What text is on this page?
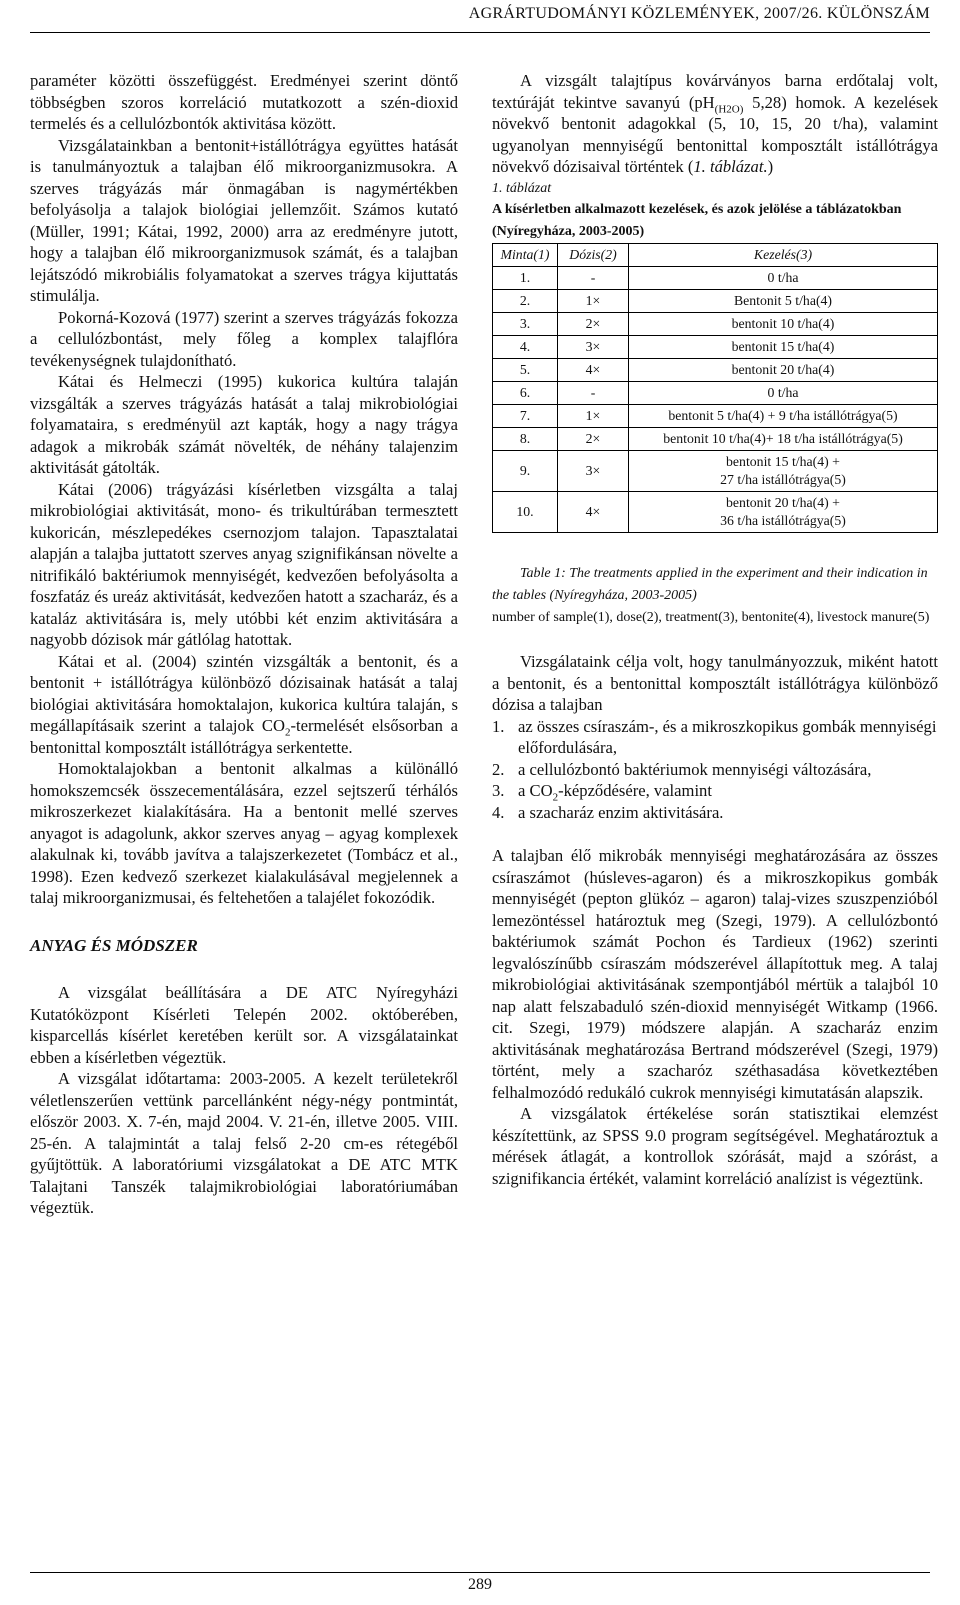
AGRÁRTUDOMÁNYI KÖZLEMÉNYEK, 2007/26. KÜLÖNSZÁM

paraméter közötti összefüggést. Eredményei szerint döntő többségben szoros korreláció mutatkozott a szén-dioxid termelés és a cellulózbontók aktivitása között.

Vizsgálatainkban a bentonit+istállótrágya együttes hatását is tanulmányoztuk a talajban élő mikroorganizmusokra. A szerves trágyázás már önmagában is nagymértékben befolyásolja a talajok biológiai jellemzőit. Számos kutató (Müller, 1991; Kátai, 1992, 2000) arra az eredményre jutott, hogy a talajban élő mikroorganizmusok számát, és a talajban lejátszódó mikrobiális folyamatokat a szerves trágya kijuttatás stimulálja.

Pokorná-Kozová (1977) szerint a szerves trágyázás fokozza a cellulózbontást, mely főleg a komplex talajflóra tevékenységnek tulajdonítható.

Kátai és Helmeczi (1995) kukorica kultúra talaján vizsgálták a szerves trágyázás hatását a talaj mikrobiológiai folyamataira, s eredményül azt kapták, hogy a nagy trágya adagok a mikrobák számát növelték, de néhány talajenzim aktivitását gátolták.

Kátai (2006) trágyázási kísérletben vizsgálta a talaj mikrobiológiai aktivitását, mono- és trikultúrában termesztett kukoricán, mészlepedékes csernozjom talajon. Tapasztalatai alapján a talajba juttatott szerves anyag szignifikánsan növelte a nitrifikáló baktériumok mennyiségét, kedvezően befolyásolta a foszfatáz és ureáz aktivitását, kedvezően hatott a szacharáz, és a kataláz aktivitására is, mely utóbbi két enzim aktivitására a nagyobb dózisok már gátlólag hatottak.

Kátai et al. (2004) szintén vizsgálták a bentonit, és a bentonit + istállótrágya különböző dózisainak hatását a talaj biológiai aktivitására homoktalajon, kukorica kultúra talaján, s megállapításaik szerint a talajok $CO_2$-termelését elsősorban a bentonittal komposztált istállótrágya serkentette.

Homoktalajokban a bentonit alkalmas a különálló homokszemcsék összecementálására, ezzel sejtszerű térhálós mikroszerkezet kialakítására. Ha a bentonit mellé szerves anyagot is adagolunk, akkor szerves anyag – agyag komplexek alakulnak ki, tovább javítva a talajszerkezetet (Tombácz et al., 1998). Ezen kedvező szerkezet kialakulásával megjelennek a talaj mikroorganizmusai, és feltehetően a talajélet fokozódik.

ANYAG ÉS MÓDSZER

A vizsgálat beállítására a DE ATC Nyíregyházi Kutatóközpont Kísérleti Telepén 2002. októberében, kisparcellás kísérlet keretében került sor. A vizsgálatainkat ebben a kísérletben végeztük.

A vizsgálat időtartama: 2003-2005. A kezelt területekről véletlenszerűen vettünk parcellánként négy-négy pontmintát, először 2003. X. 7-én, majd 2004. V. 21-én, illetve 2005. VIII. 25-én. A talajmintát a talaj felső 2-20 cm-es rétegéből gyűjtöttük. A laboratóriumi vizsgálatokat a DE ATC MTK Talajtani Tanszék talajmikrobiológiai laboratóriumában végeztük.

A vizsgált talajtípus kovárványos barna erdőtalaj volt, textúráját tekintve savanyú ($pH_{(H2O)}$ 5,28) homok. A kezelések növekvő bentonit adagokkal (5, 10, 15, 20 t/ha), valamint ugyanolyan mennyiségű bentonittal komposztált istállótrágya növekvő dózisaival történtek (1. táblázat.)

1. táblázat

A kísérletben alkalmazott kezelések, és azok jelölése a táblázatokban

(Nyíregyháza, 2003-2005)

Minta(1)	Dózis(2)	Kezelés(3)
1.	-	0 t/ha
2.	1×	Bentonit 5 t/ha(4)
3.	2×	bentonit 10 t/ha(4)
4.	3×	bentonit 15 t/ha(4)
5.	4×	bentonit 20 t/ha(4)
6.	-	0 t/ha
7.	1×	bentonit 5 t/ha(4) + 9 t/ha istállótrágya(5)
8.	2×	bentonit 10 t/ha(4)+ 18 t/ha istállótrágya(5)
9.	3×	bentonit 15 t/ha(4) +
27 t/ha istállótrágya(5)
10.	4×	bentonit 20 t/ha(4) +
36 t/ha istállótrágya(5)
Table 1: The treatments applied in the experiment and their indication in the tables (Nyíregyháza, 2003-2005)
number of sample(1), dose(2), treatment(3), bentonite(4), livestock manure(5)

Vizsgálataink célja volt, hogy tanulmányozzuk, miként hatott a bentonit, és a bentonittal komposztált istállótrágya különböző dózisa a talajban

1. az összes csíraszám-, és a mikroszkopikus gombák mennyiségi előfordulására,
2. a cellulózbontó baktériumok mennyiségi változására,
3. a $CO_2$-képződésére, valamint
4. a szacharáz enzim aktivitására.

A talajban élő mikrobák mennyiségi meghatározására az összes csíraszámot (húsleves-agaron) és a mikroszkopikus gombák mennyiségét (pepton glükóz – agaron) talaj-vizes szuszpenzióból lemezöntéssel határoztuk meg (Szegi, 1979). A cellulózbontó baktériumok számát Pochon és Tardieux (1962) szerinti legvalószínűbb csíraszám módszerével állapítottuk meg. A talaj mikrobiológiai aktivitásának szempontjából mértük a talajból 10 nap alatt felszabaduló szén-dioxid mennyiségét Witkamp (1966. cit. Szegi, 1979) módszere alapján. A szacharáz enzim aktivitásának meghatározása Bertrand módszerével (Szegi, 1979) történt, mely a szacharóz széthasadása következtében felhalmozódó redukáló cukrok mennyiségi kimutatásán alapszik.

A vizsgálatok értékelése során statisztikai elemzést készítettünk, az SPSS 9.0 program segítségével. Meghatároztuk a mérések átlagát, a kontrollok szórását, majd a szórást, a szignifikancia értékét, valamint korreláció analízist is végeztünk.

289
